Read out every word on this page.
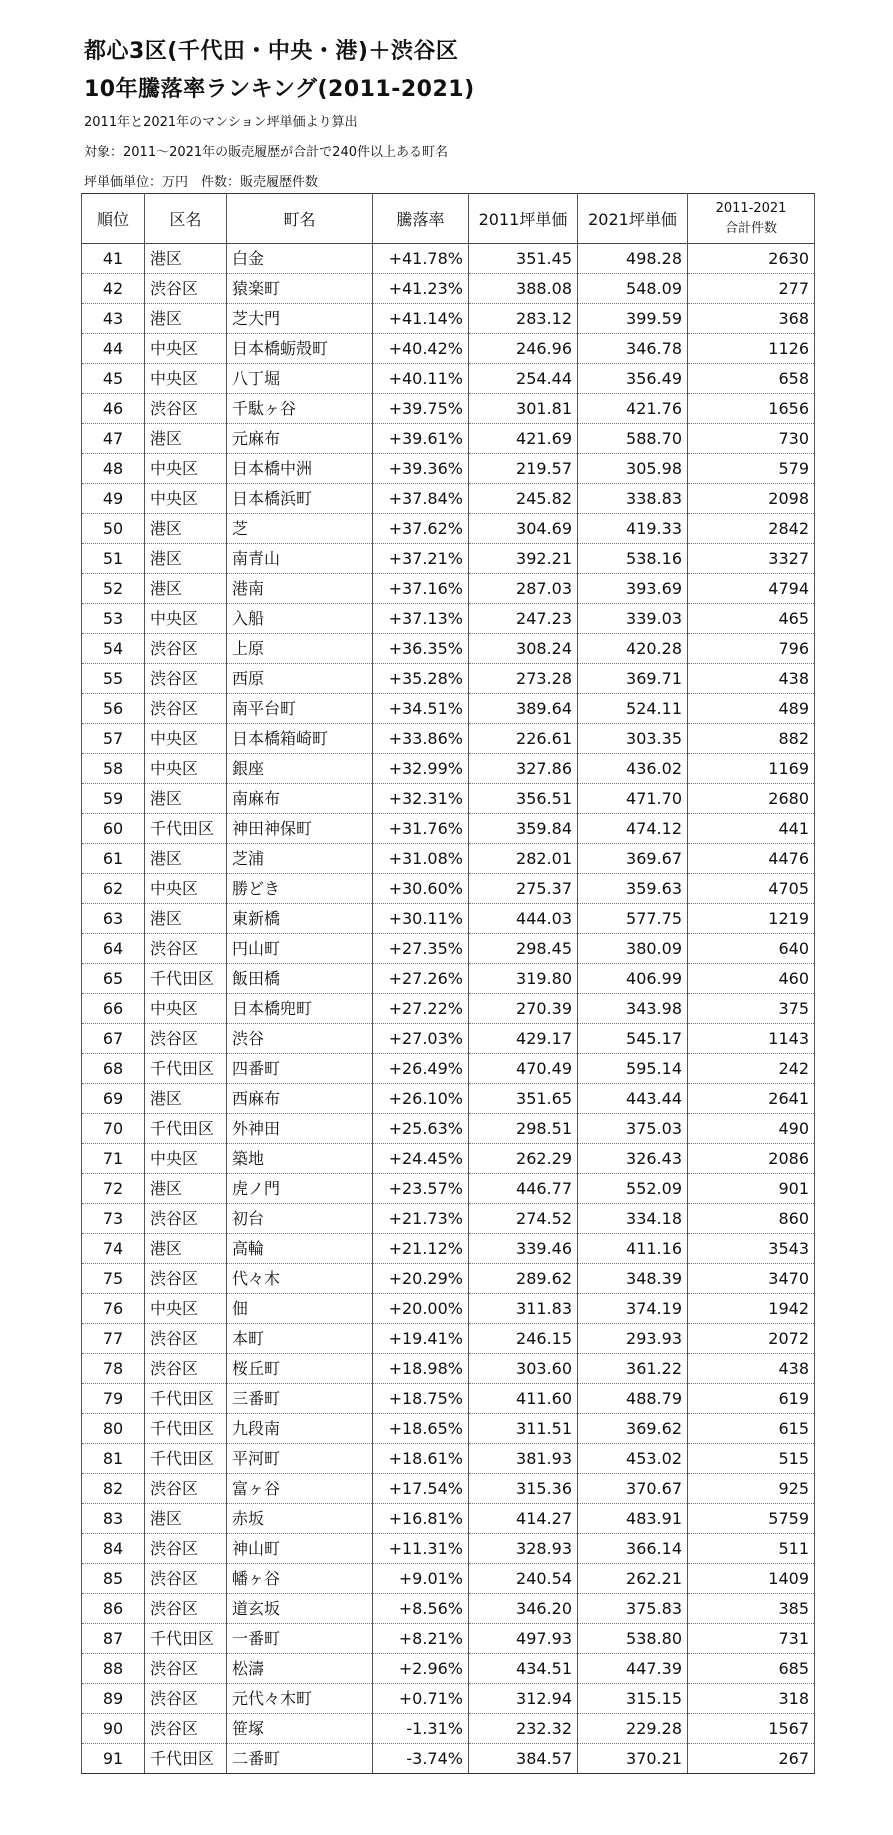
都心3区(千代田・中央・港)＋渋谷区
10年騰落率ランキング(2011-2021)
2011年と2021年のマンション坪単価より算出
対象：2011〜2021年の販売履歴が合計で240件以上ある町名
坪単価単位：万円　件数：販売履歴件数
順位	区名	町名	騰落率	2011坪単価	2021坪単価	2011-2021
合計件数

41	港区	白金	+41.78%	351.45	498.28	2630
42	渋谷区	猿楽町	+41.23%	388.08	548.09	277
43	港区	芝大門	+41.14%	283.12	399.59	368
44	中央区	日本橋蛎殻町	+40.42%	246.96	346.78	1126
45	中央区	八丁堀	+40.11%	254.44	356.49	658
46	渋谷区	千駄ヶ谷	+39.75%	301.81	421.76	1656
47	港区	元麻布	+39.61%	421.69	588.70	730
48	中央区	日本橋中洲	+39.36%	219.57	305.98	579
49	中央区	日本橋浜町	+37.84%	245.82	338.83	2098
50	港区	芝	+37.62%	304.69	419.33	2842
51	港区	南青山	+37.21%	392.21	538.16	3327
52	港区	港南	+37.16%	287.03	393.69	4794
53	中央区	入船	+37.13%	247.23	339.03	465
54	渋谷区	上原	+36.35%	308.24	420.28	796
55	渋谷区	西原	+35.28%	273.28	369.71	438
56	渋谷区	南平台町	+34.51%	389.64	524.11	489
57	中央区	日本橋箱崎町	+33.86%	226.61	303.35	882
58	中央区	銀座	+32.99%	327.86	436.02	1169
59	港区	南麻布	+32.31%	356.51	471.70	2680
60	千代田区	神田神保町	+31.76%	359.84	474.12	441
61	港区	芝浦	+31.08%	282.01	369.67	4476
62	中央区	勝どき	+30.60%	275.37	359.63	4705
63	港区	東新橋	+30.11%	444.03	577.75	1219
64	渋谷区	円山町	+27.35%	298.45	380.09	640
65	千代田区	飯田橋	+27.26%	319.80	406.99	460
66	中央区	日本橋兜町	+27.22%	270.39	343.98	375
67	渋谷区	渋谷	+27.03%	429.17	545.17	1143
68	千代田区	四番町	+26.49%	470.49	595.14	242
69	港区	西麻布	+26.10%	351.65	443.44	2641
70	千代田区	外神田	+25.63%	298.51	375.03	490
71	中央区	築地	+24.45%	262.29	326.43	2086
72	港区	虎ノ門	+23.57%	446.77	552.09	901
73	渋谷区	初台	+21.73%	274.52	334.18	860
74	港区	高輪	+21.12%	339.46	411.16	3543
75	渋谷区	代々木	+20.29%	289.62	348.39	3470
76	中央区	佃	+20.00%	311.83	374.19	1942
77	渋谷区	本町	+19.41%	246.15	293.93	2072
78	渋谷区	桜丘町	+18.98%	303.60	361.22	438
79	千代田区	三番町	+18.75%	411.60	488.79	619
80	千代田区	九段南	+18.65%	311.51	369.62	615
81	千代田区	平河町	+18.61%	381.93	453.02	515
82	渋谷区	富ヶ谷	+17.54%	315.36	370.67	925
83	港区	赤坂	+16.81%	414.27	483.91	5759
84	渋谷区	神山町	+11.31%	328.93	366.14	511
85	渋谷区	幡ヶ谷	+9.01%	240.54	262.21	1409
86	渋谷区	道玄坂	+8.56%	346.20	375.83	385
87	千代田区	一番町	+8.21%	497.93	538.80	731
88	渋谷区	松濤	+2.96%	434.51	447.39	685
89	渋谷区	元代々木町	+0.71%	312.94	315.15	318
90	渋谷区	笹塚	-1.31%	232.32	229.28	1567
91	千代田区	二番町	-3.74%	384.57	370.21	267
